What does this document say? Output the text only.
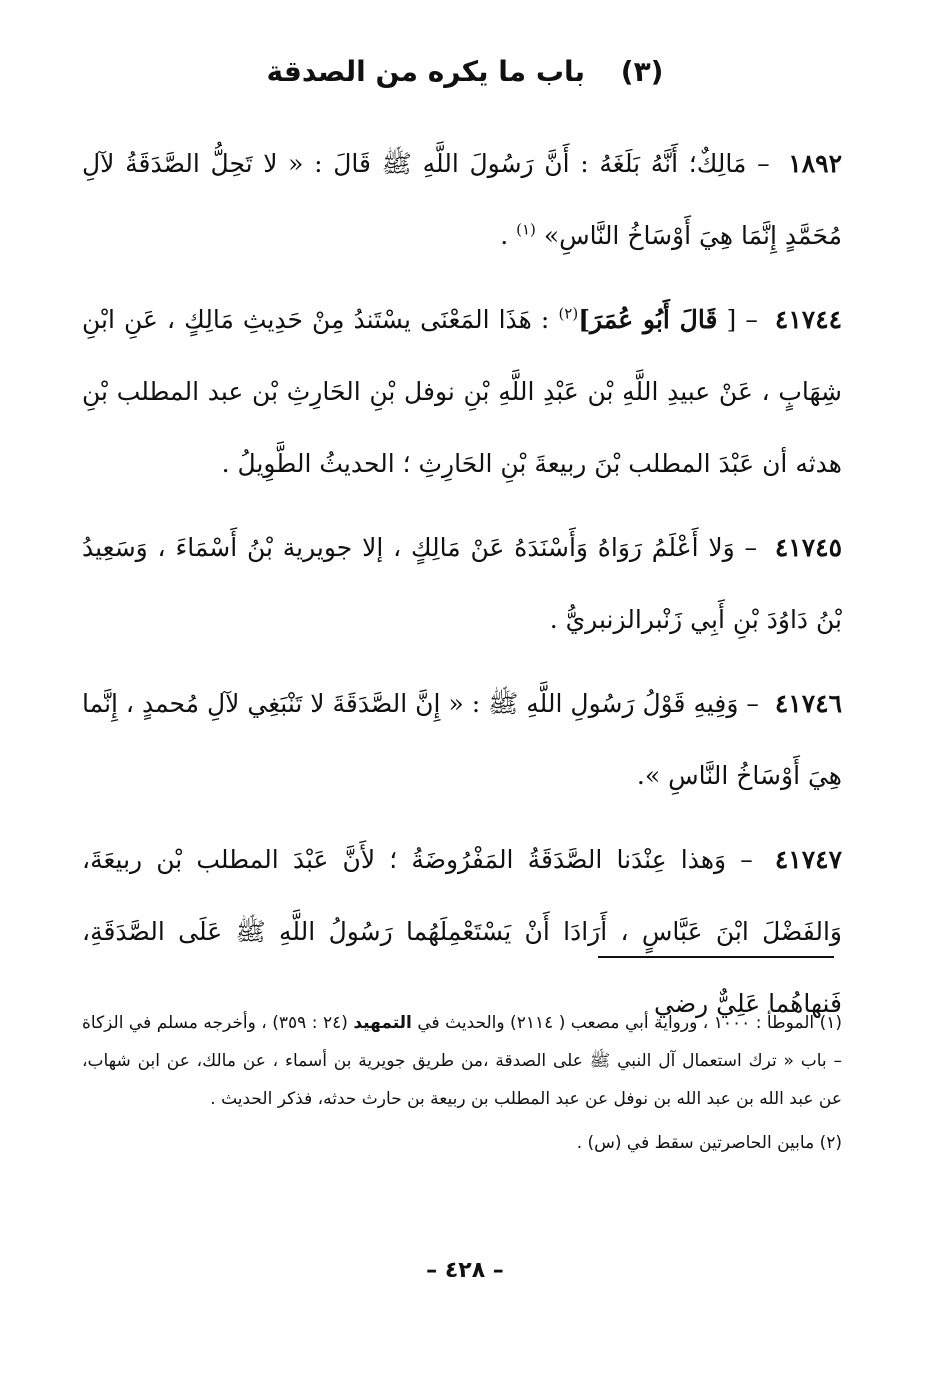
(٣) باب ما يكره من الصدقة

١٨٩٢ – مَالِكٌ؛ أَنَّهُ بَلَغَهُ : أَنَّ رَسُولَ اللَّهِ ﷺ قَالَ : « لا تَحِلُّ الصَّدَقَةُ لآلِ مُحَمَّدٍ إِنَّمَا هِيَ أَوْسَاخُ النَّاسِ» $^{(١)}$ .

٤١٧٤٤ – [ قَالَ أَبُو عُمَرَ]$^{(٢)}$ : هَذَا المَعْنَى يسْتَندُ مِنْ حَدِيثِ مَالِكٍ ، عَنِ ابْنِ شِهَابٍ ، عَنْ عبيدِ اللَّهِ بْن عَبْدِ اللَّهِ بْنِ نوفل بْنِ الحَارِثِ بْن عبد المطلب بْنِ هدثه أن عَبْدَ المطلب بْنَ ربيعةَ بْنِ الحَارِثِ ؛ الحديثُ الطَّوِيلُ .

٤١٧٤٥ – وَلا أَعْلَمُ رَوَاهُ وَأَسْنَدَهُ عَنْ مَالِكٍ ، إلا جويرية بْنُ أَسْمَاءَ ، وَسَعِيدُ بْنُ دَاوُدَ بْنِ أَبِي زَنْبرالزنبريُّ .

٤١٧٤٦ – وَفِيهِ قَوْلُ رَسُولِ اللَّهِ ﷺ : « إِنَّ الصَّدَقَةَ لا تَنْبَغِي لآلِ مُحمدٍ ، إِنَّما هِيَ أَوْسَاخُ النَّاسِ ».

٤١٧٤٧ – وَهذا عِنْدَنا الصَّدَقَةُ المَفْرُوضَةُ ؛ لأَنَّ عَبْدَ المطلب بْن ربيعَةَ، وَالفَضْلَ ابْنَ عَبَّاسٍ ، أَرَادَا أَنْ يَسْتَعْمِلَهُما رَسُولُ اللَّهِ ﷺ عَلَى الصَّدَقَةِ، فَنهاهُما عَلِيٌّ رضي

(١) الموطأ : ١٠٠٠ ، ورواية أبي مصعب ( ٢١١٤) والحديث في التمهيد (٢٤ : ٣٥٩) ، وأخرجه مسلم في الزكاة – باب « ترك استعمال آل النبي ﷺ على الصدقة ،من طريق جويرية بن أسماء ، عن مالك، عن ابن شهاب، عن عبد الله بن عبد الله بن نوفل عن عبد المطلب بن ربيعة بن حارث حدثه، فذكر الحديث .

(٢) مابين الحاصرتين سقط في (س) .

– ٤٢٨ –
